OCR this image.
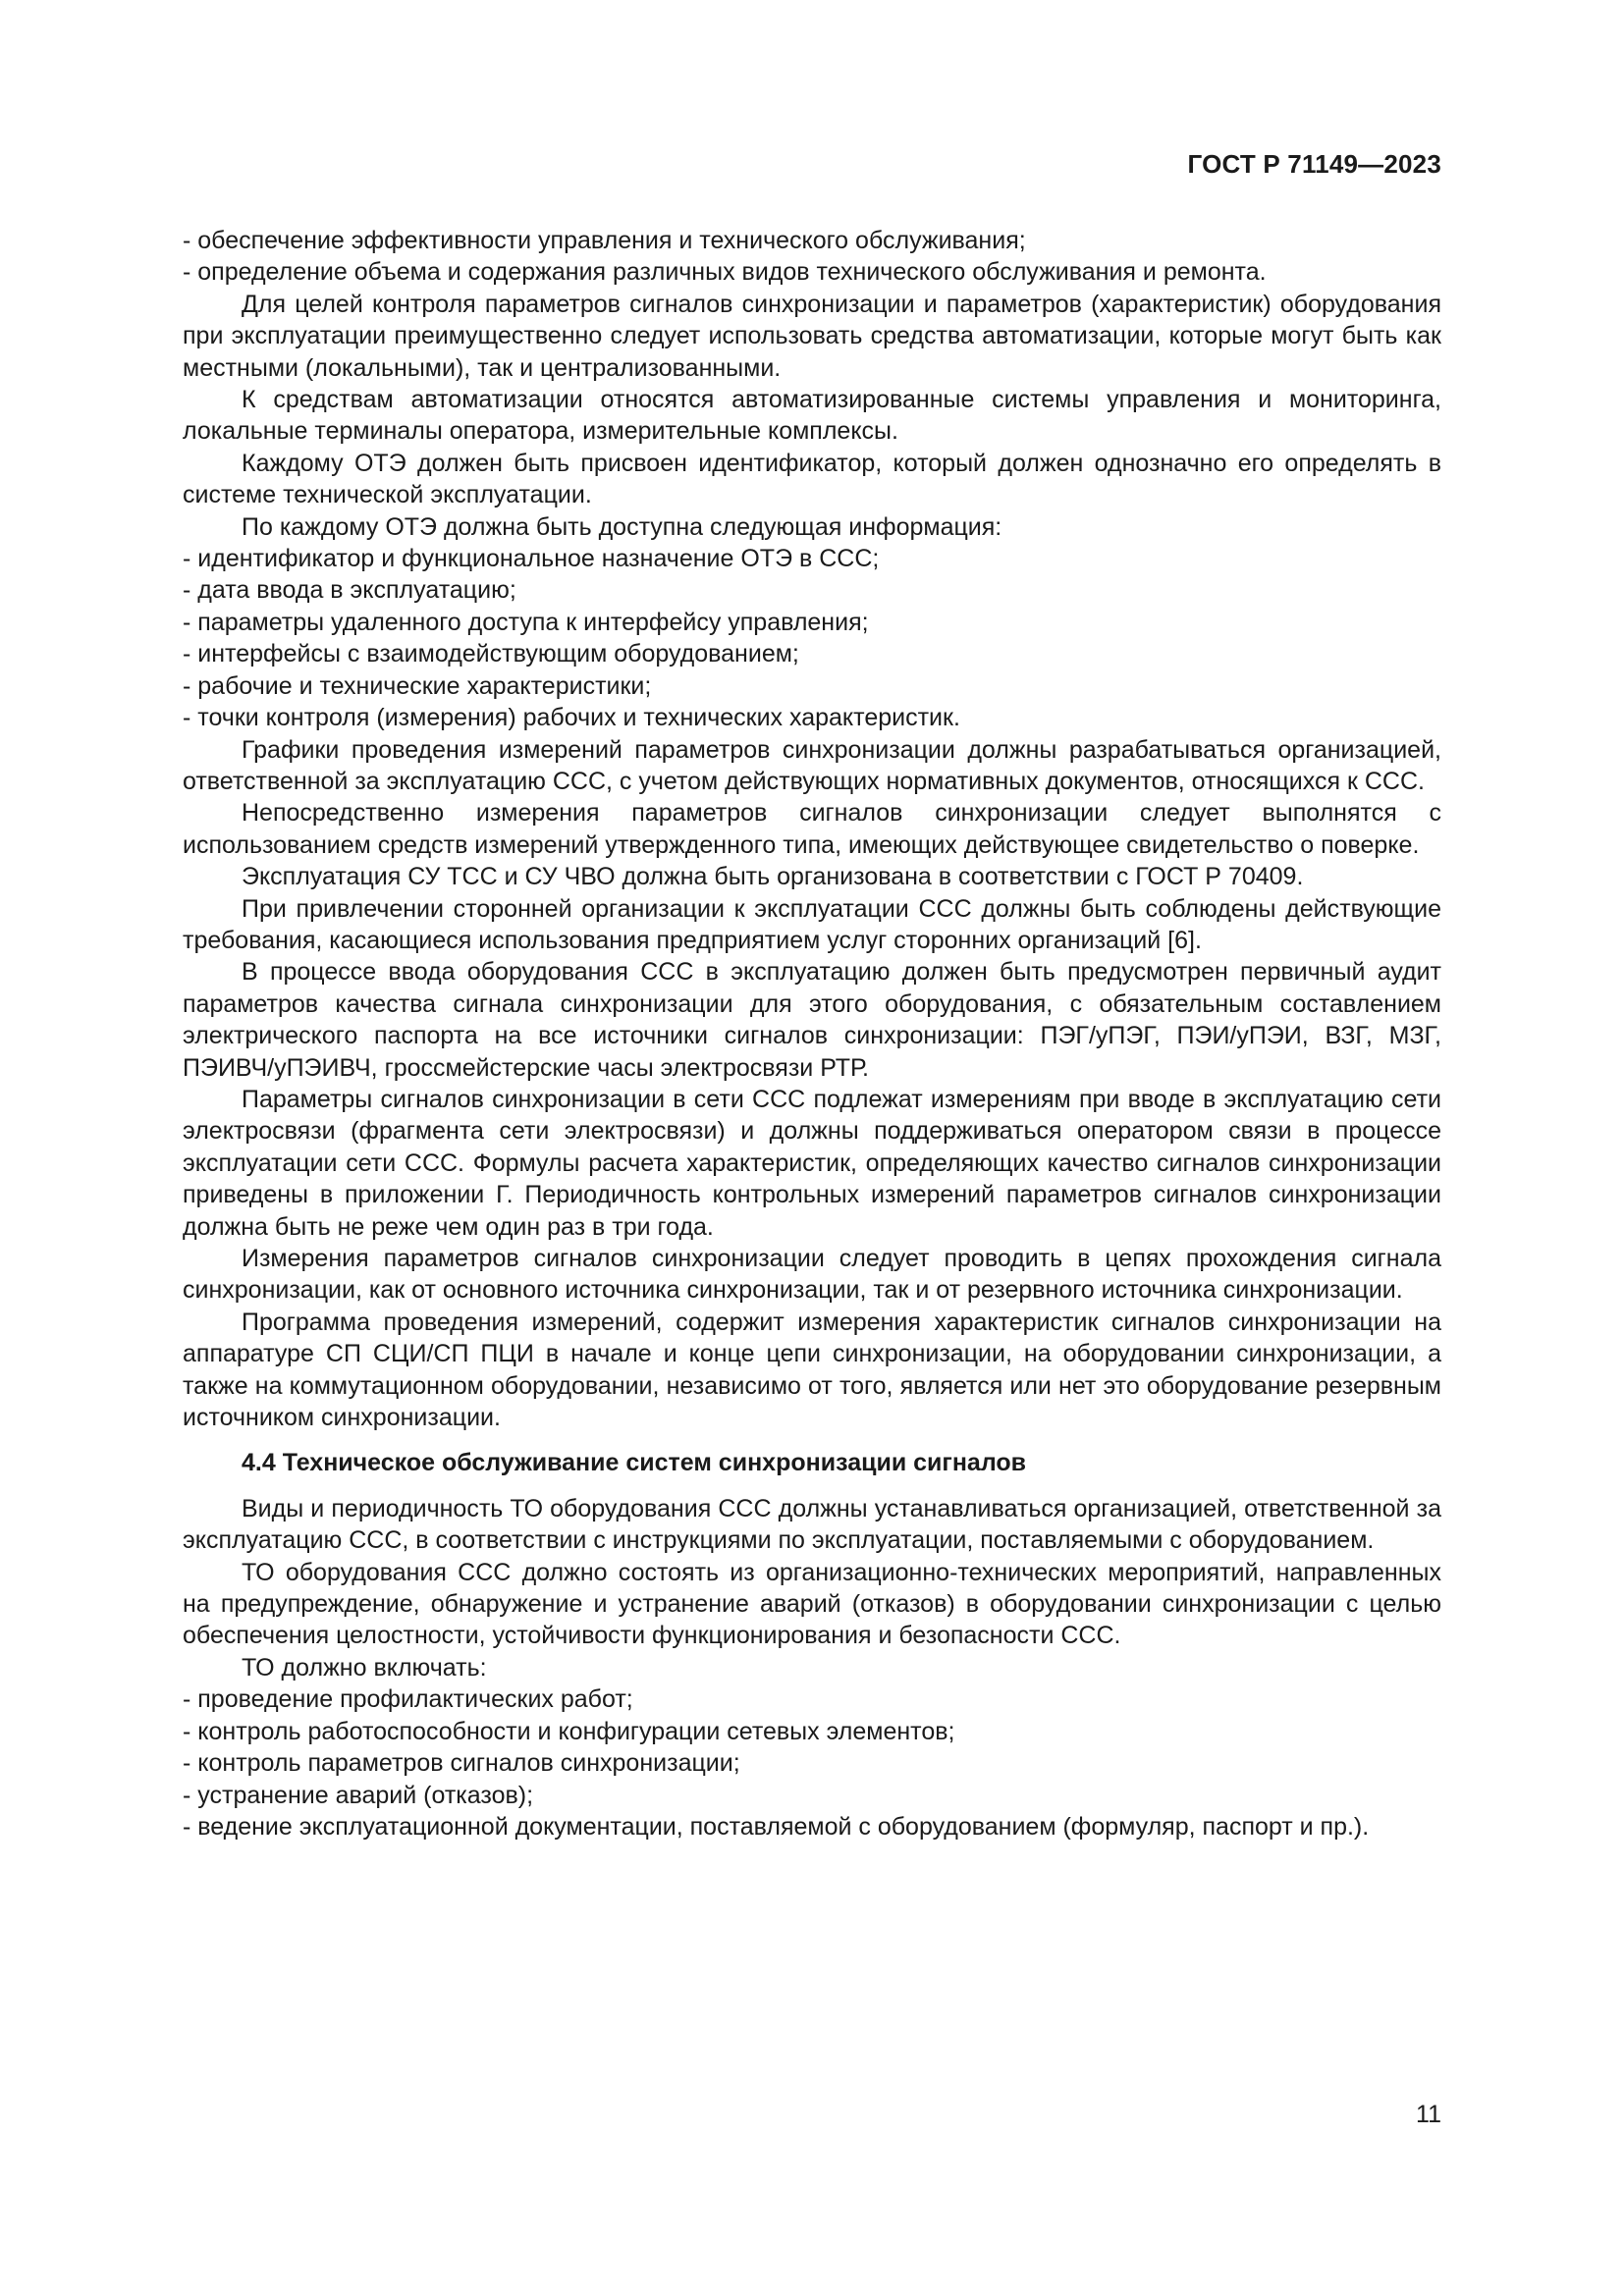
ГОСТ Р 71149—2023

- обеспечение эффективности управления и технического обслуживания;

- определение объема и содержания различных видов технического обслуживания и ремонта.

Для целей контроля параметров сигналов синхронизации и параметров (характеристик) оборудования при эксплуатации преимущественно следует использовать средства автоматизации, которые могут быть как местными (локальными), так и централизованными.

К средствам автоматизации относятся автоматизированные системы управления и мониторинга, локальные терминалы оператора, измерительные комплексы.

Каждому ОТЭ должен быть присвоен идентификатор, который должен однозначно его определять в системе технической эксплуатации.

По каждому ОТЭ должна быть доступна следующая информация:

- идентификатор и функциональное назначение ОТЭ в ССС;

- дата ввода в эксплуатацию;

- параметры удаленного доступа к интерфейсу управления;

- интерфейсы с взаимодействующим оборудованием;

- рабочие и технические характеристики;

- точки контроля (измерения) рабочих и технических характеристик.

Графики проведения измерений параметров синхронизации должны разрабатываться организацией, ответственной за эксплуатацию ССС, с учетом действующих нормативных документов, относящихся к ССС.

Непосредственно измерения параметров сигналов синхронизации следует выполнятся с использованием средств измерений утвержденного типа, имеющих действующее свидетельство о поверке.

Эксплуатация СУ ТСС и СУ ЧВО должна быть организована в соответствии с ГОСТ Р 70409.

При привлечении сторонней организации к эксплуатации ССС должны быть соблюдены действующие требования, касающиеся использования предприятием услуг сторонних организаций [6].

В процессе ввода оборудования ССС в эксплуатацию должен быть предусмотрен первичный аудит параметров качества сигнала синхронизации для этого оборудования, с обязательным составлением электрического паспорта на все источники сигналов синхронизации: ПЭГ/уПЭГ, ПЭИ/уПЭИ, ВЗГ, МЗГ, ПЭИВЧ/уПЭИВЧ, гроссмейстерские часы электросвязи РТР.

Параметры сигналов синхронизации в сети ССС подлежат измерениям при вводе в эксплуатацию сети электросвязи (фрагмента сети электросвязи) и должны поддерживаться оператором связи в процессе эксплуатации сети ССС. Формулы расчета характеристик, определяющих качество сигналов синхронизации приведены в приложении Г. Периодичность контрольных измерений параметров сигналов синхронизации должна быть не реже чем один раз в три года.

Измерения параметров сигналов синхронизации следует проводить в цепях прохождения сигнала синхронизации, как от основного источника синхронизации, так и от резервного источника синхронизации.

Программа проведения измерений, содержит измерения характеристик сигналов синхронизации на аппаратуре СП СЦИ/СП ПЦИ в начале и конце цепи синхронизации, на оборудовании синхронизации, а также на коммутационном оборудовании, независимо от того, является или нет это оборудование резервным источником синхронизации.

4.4 Техническое обслуживание систем синхронизации сигналов

Виды и периодичность ТО оборудования ССС должны устанавливаться организацией, ответственной за эксплуатацию ССС, в соответствии с инструкциями по эксплуатации, поставляемыми с оборудованием.

ТО оборудования ССС должно состоять из организационно-технических мероприятий, направленных на предупреждение, обнаружение и устранение аварий (отказов) в оборудовании синхронизации с целью обеспечения целостности, устойчивости функционирования и безопасности ССС.

ТО должно включать:

- проведение профилактических работ;

- контроль работоспособности и конфигурации сетевых элементов;

- контроль параметров сигналов синхронизации;

- устранение аварий (отказов);

- ведение эксплуатационной документации, поставляемой с оборудованием (формуляр, паспорт и пр.).

11
